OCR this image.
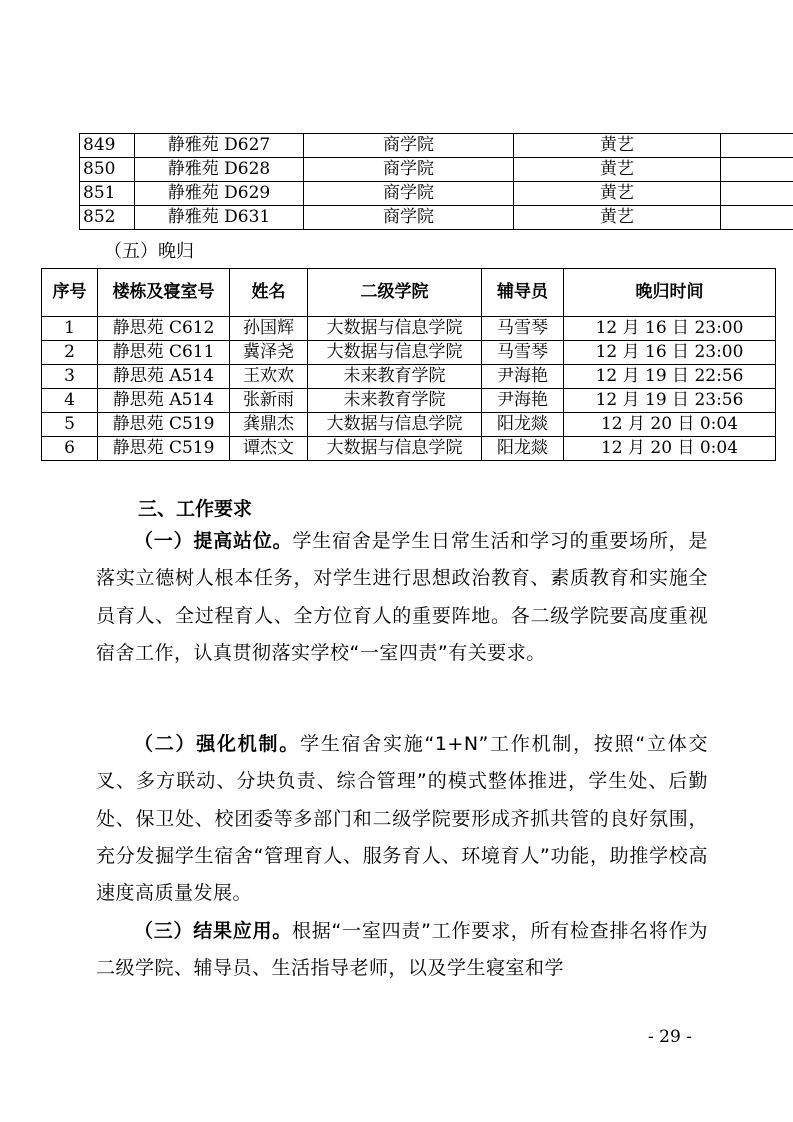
849	静雅苑 D627	商学院	黄艺	
850	静雅苑 D628	商学院	黄艺	
851	静雅苑 D629	商学院	黄艺	
852	静雅苑 D631	商学院	黄艺	
（五）晚归
序号	楼栋及寝室号	姓名	二级学院	辅导员	晚归时间
1	静思苑 C612	孙国辉	大数据与信息学院	马雪琴	12 月 16 日 23:00
2	静思苑 C611	冀泽尧	大数据与信息学院	马雪琴	12 月 16 日 23:00
3	静思苑 A514	王欢欢	未来教育学院	尹海艳	12 月 19 日 22:56
4	静思苑 A514	张新雨	未来教育学院	尹海艳	12 月 19 日 23:56
5	静思苑 C519	龚鼎杰	大数据与信息学院	阳龙燚	12 月 20 日 0:04
6	静思苑 C519	谭杰文	大数据与信息学院	阳龙燚	12 月 20 日 0:04
三、工作要求

（一）提高站位。学生宿舍是学生日常生活和学习的重要场所，是落实立德树人根本任务，对学生进行思想政治教育、素质教育和实施全员育人、全过程育人、全方位育人的重要阵地。各二级学院要高度重视宿舍工作，认真贯彻落实学校“一室四责”有关要求。

（二）强化机制。学生宿舍实施“1+N”工作机制，按照“立体交叉、多方联动、分块负责、综合管理”的模式整体推进，学生处、后勤处、保卫处、校团委等多部门和二级学院要形成齐抓共管的良好氛围，充分发掘学生宿舍“管理育人、服务育人、环境育人”功能，助推学校高速度高质量发展。

（三）结果应用。根据“一室四责”工作要求，所有检查排名将作为二级学院、辅导员、生活指导老师，以及学生寝室和学

- 29 -
